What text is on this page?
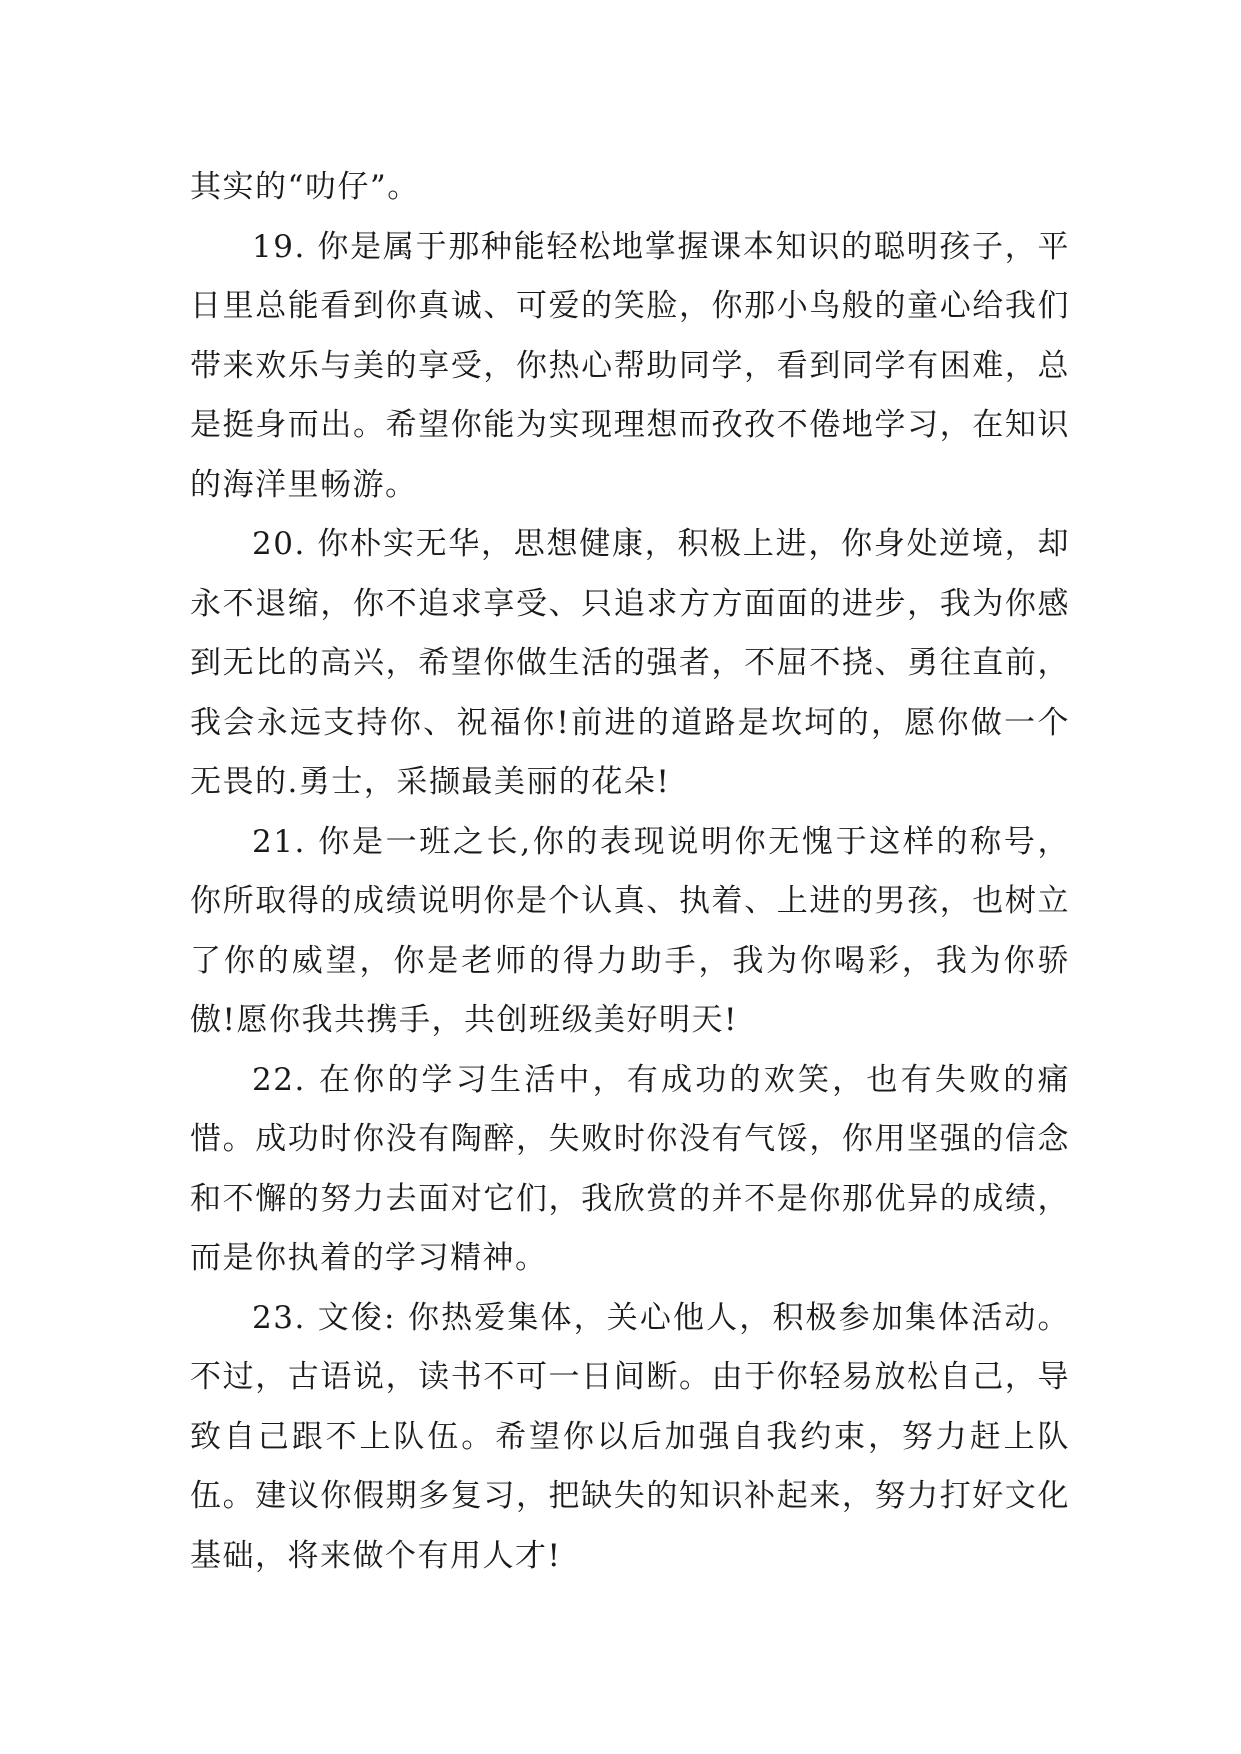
其实的“叻仔”。

19. 你是属于那种能轻松地掌握课本知识的聪明孩子，平日里总能看到你真诚、可爱的笑脸，你那小鸟般的童心给我们带来欢乐与美的享受，你热心帮助同学，看到同学有困难，总是挺身而出。希望你能为实现理想而孜孜不倦地学习，在知识的海洋里畅游。

20. 你朴实无华，思想健康，积极上进，你身处逆境，却永不退缩，你不追求享受、只追求方方面面的进步，我为你感到无比的高兴，希望你做生活的强者，不屈不挠、勇往直前，我会永远支持你、祝福你!前进的道路是坎坷的，愿你做一个无畏的.勇士，采撷最美丽的花朵!

21. 你是一班之长,你的表现说明你无愧于这样的称号，你所取得的成绩说明你是个认真、执着、上进的男孩，也树立了你的威望，你是老师的得力助手，我为你喝彩，我为你骄傲!愿你我共携手，共创班级美好明天!

22. 在你的学习生活中，有成功的欢笑，也有失败的痛惜。成功时你没有陶醉，失败时你没有气馁，你用坚强的信念和不懈的努力去面对它们，我欣赏的并不是你那优异的成绩，而是你执着的学习精神。

23. 文俊: 你热爱集体，关心他人，积极参加集体活动。不过，古语说，读书不可一日间断。由于你轻易放松自己，导致自己跟不上队伍。希望你以后加强自我约束，努力赶上队伍。建议你假期多复习，把缺失的知识补起来，努力打好文化基础，将来做个有用人才!
